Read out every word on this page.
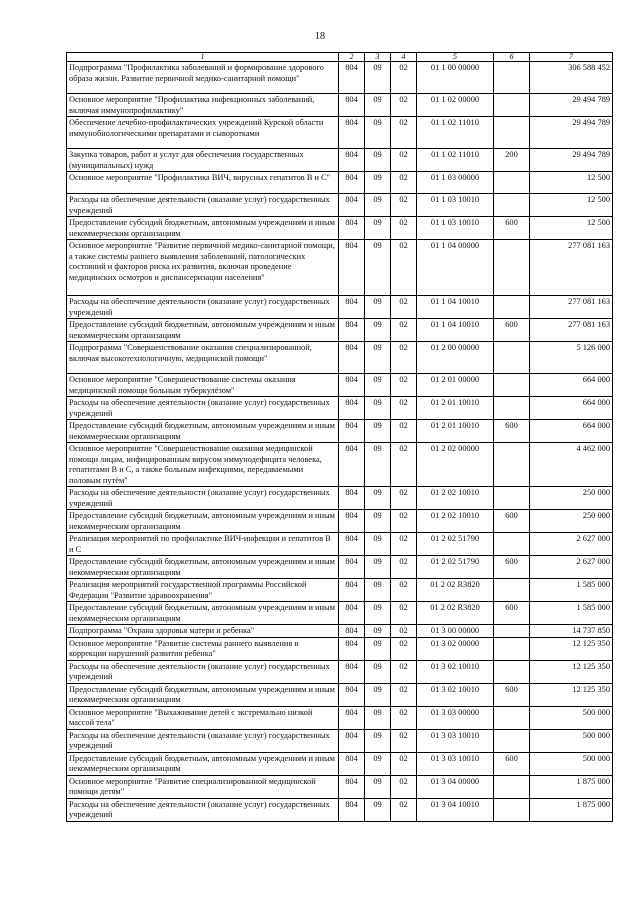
18
1	2	3	4	5	6	7
Подпрограмма "Профилактика заболеваний и формирование здорового образа жизни. Развитие первичной медико-санитарной помощи"	804	09	02	01 1 00 00000		306 588 452
Основное мероприятие "Профилактика инфекционных заболеваний, включая иммунопрофилактику"	804	09	02	01 1 02 00000		29 494 789
Обеспечение лечебно-профилактических учреждений Курской области иммунобиологическими препаратами и сыворотками	804	09	02	01 1 02 11010		29 494 789
Закупка товаров, работ и услуг для обеспечения государственных (муниципальных) нужд	804	09	02	01 1 02 11010	200	29 494 789
Основное мероприятие "Профилактика ВИЧ, вирусных гепатитов В и С"	804	09	02	01 1 03 00000		12 500
Расходы на обеспечение деятельности (оказание услуг) государственных учреждений	804	09	02	01 1 03 10010		12 500
Предоставление субсидий бюджетным, автономным учреждениям и иным некоммерческим организациям	804	09	02	01 1 03 10010	600	12 500
Основное мероприятие "Развитие первичной медико-санитарной помощи, а также системы раннего выявления заболеваний, патологических состояний и факторов риска их развития, включая проведение медицинских осмотров и диспансеризации населения"	804	09	02	01 1 04 00000		277 081 163
Расходы на обеспечение деятельности (оказание услуг) государственных учреждений	804	09	02	01 1 04 10010		277 081 163
Предоставление субсидий бюджетным, автономным учреждениям и иным некоммерческим организациям	804	09	02	01 1 04 10010	600	277 081 163
Подпрограмма "Совершенствование оказания специализированной, включая высокотехнологичную, медицинской помощи"	804	09	02	01 2 00 00000		5 126 000
Основное мероприятие "Совершенствование системы оказания медицинской помощи больным туберкулёзом"	804	09	02	01 2 01 00000		664 000
Расходы на обеспечение деятельности (оказание услуг) государственных учреждений	804	09	02	01 2 01 10010		664 000
Предоставление субсидий бюджетным, автономным учреждениям и иным некоммерческим организациям	804	09	02	01 2 01 10010	600	664 000
Основное мероприятие "Совершенствование оказания медицинской помощи лицам, инфицированным вирусом иммунодефицита человека, гепатитами В и С, а также больным инфекциями, передаваемыми половым путём"	804	09	02	01 2 02 00000		4 462 000
Расходы на обеспечение деятельности (оказание услуг) государственных учреждений	804	09	02	01 2 02 10010		250 000
Предоставление субсидий бюджетным, автономным учреждениям и иным некоммерческим организациям	804	09	02	01 2 02 10010	600	250 000
Реализация мероприятий по профилактике ВИЧ-инфекции и гепатитов В и С	804	09	02	01 2 02 51790		2 627 000
Предоставление субсидий бюджетным, автономным учреждениям и иным некоммерческим организациям	804	09	02	01 2 02 51790	600	2 627 000
Реализация мероприятий государственной программы Российской Федерации "Развитие здравоохранения"	804	09	02	01 2 02 R3820		1 585 000
Предоставление субсидий бюджетным, автономным учреждениям и иным некоммерческим организациям	804	09	02	01 2 02 R3820	600	1 585 000
Подпрограмма "Охрана здоровья матери и ребенка"	804	09	02	01 3 00 00000		14 737 850
Основное мероприятие "Развитие системы раннего выявления и коррекции нарушений развития ребенка"	804	09	02	01 3 02 00000		12 125 350
Расходы на обеспечение деятельности (оказание услуг) государственных учреждений	804	09	02	01 3 02 10010		12 125 350
Предоставление субсидий бюджетным, автономным учреждениям и иным некоммерческим организациям	804	09	02	01 3 02 10010	600	12 125 350
Основное мероприятие "Выхаживание детей с экстремально низкой массой тела"	804	09	02	01 3 03 00000		500 000
Расходы на обеспечение деятельности (оказание услуг) государственных учреждений	804	09	02	01 3 03 10010		500 000
Предоставление субсидий бюджетным, автономным учреждениям и иным некоммерческим организациям	804	09	02	01 3 03 10010	600	500 000
Основное мероприятие "Развитие специализированной медицинской помощи детям"	804	09	02	01 3 04 00000		1 875 000
Расходы на обеспечение деятельности (оказание услуг) государственных учреждений	804	09	02	01 3 04 10010		1 875 000
